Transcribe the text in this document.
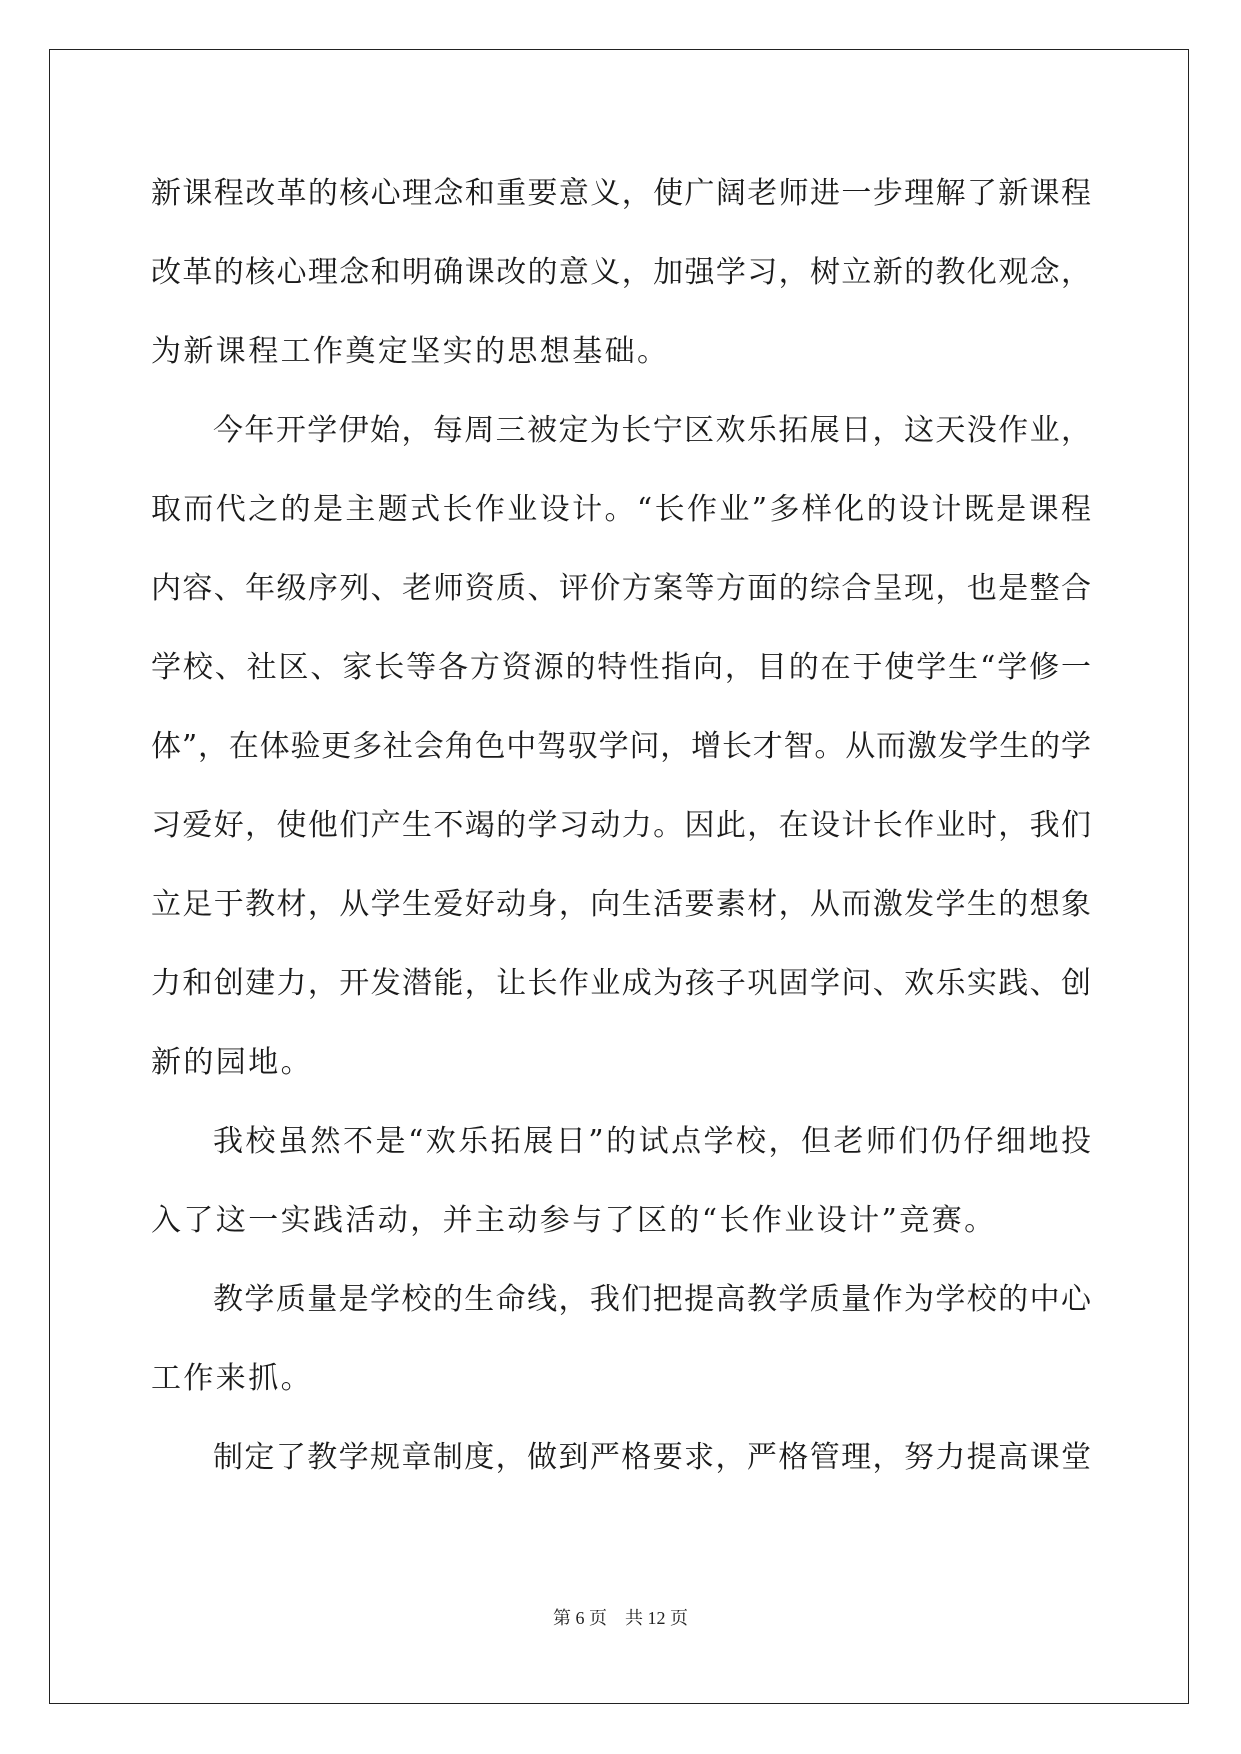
新课程改革的核心理念和重要意义，使广阔老师进一步理解了新课程
改革的核心理念和明确课改的意义，加强学习，树立新的教化观念，
为新课程工作奠定坚实的思想基础。
今年开学伊始，每周三被定为长宁区欢乐拓展日，这天没作业，
取而代之的是主题式长作业设计。“长作业”多样化的设计既是课程
内容、年级序列、老师资质、评价方案等方面的综合呈现，也是整合
学校、社区、家长等各方资源的特性指向，目的在于使学生“学修一
体”，在体验更多社会角色中驾驭学问，增长才智。从而激发学生的学
习爱好，使他们产生不竭的学习动力。因此，在设计长作业时，我们
立足于教材，从学生爱好动身，向生活要素材，从而激发学生的想象
力和创建力，开发潜能，让长作业成为孩子巩固学问、欢乐实践、创
新的园地。
我校虽然不是“欢乐拓展日”的试点学校，但老师们仍仔细地投
入了这一实践活动，并主动参与了区的“长作业设计”竞赛。
教学质量是学校的生命线，我们把提高教学质量作为学校的中心
工作来抓。
制定了教学规章制度，做到严格要求，严格管理，努力提高课堂
第 6 页    共 12 页
